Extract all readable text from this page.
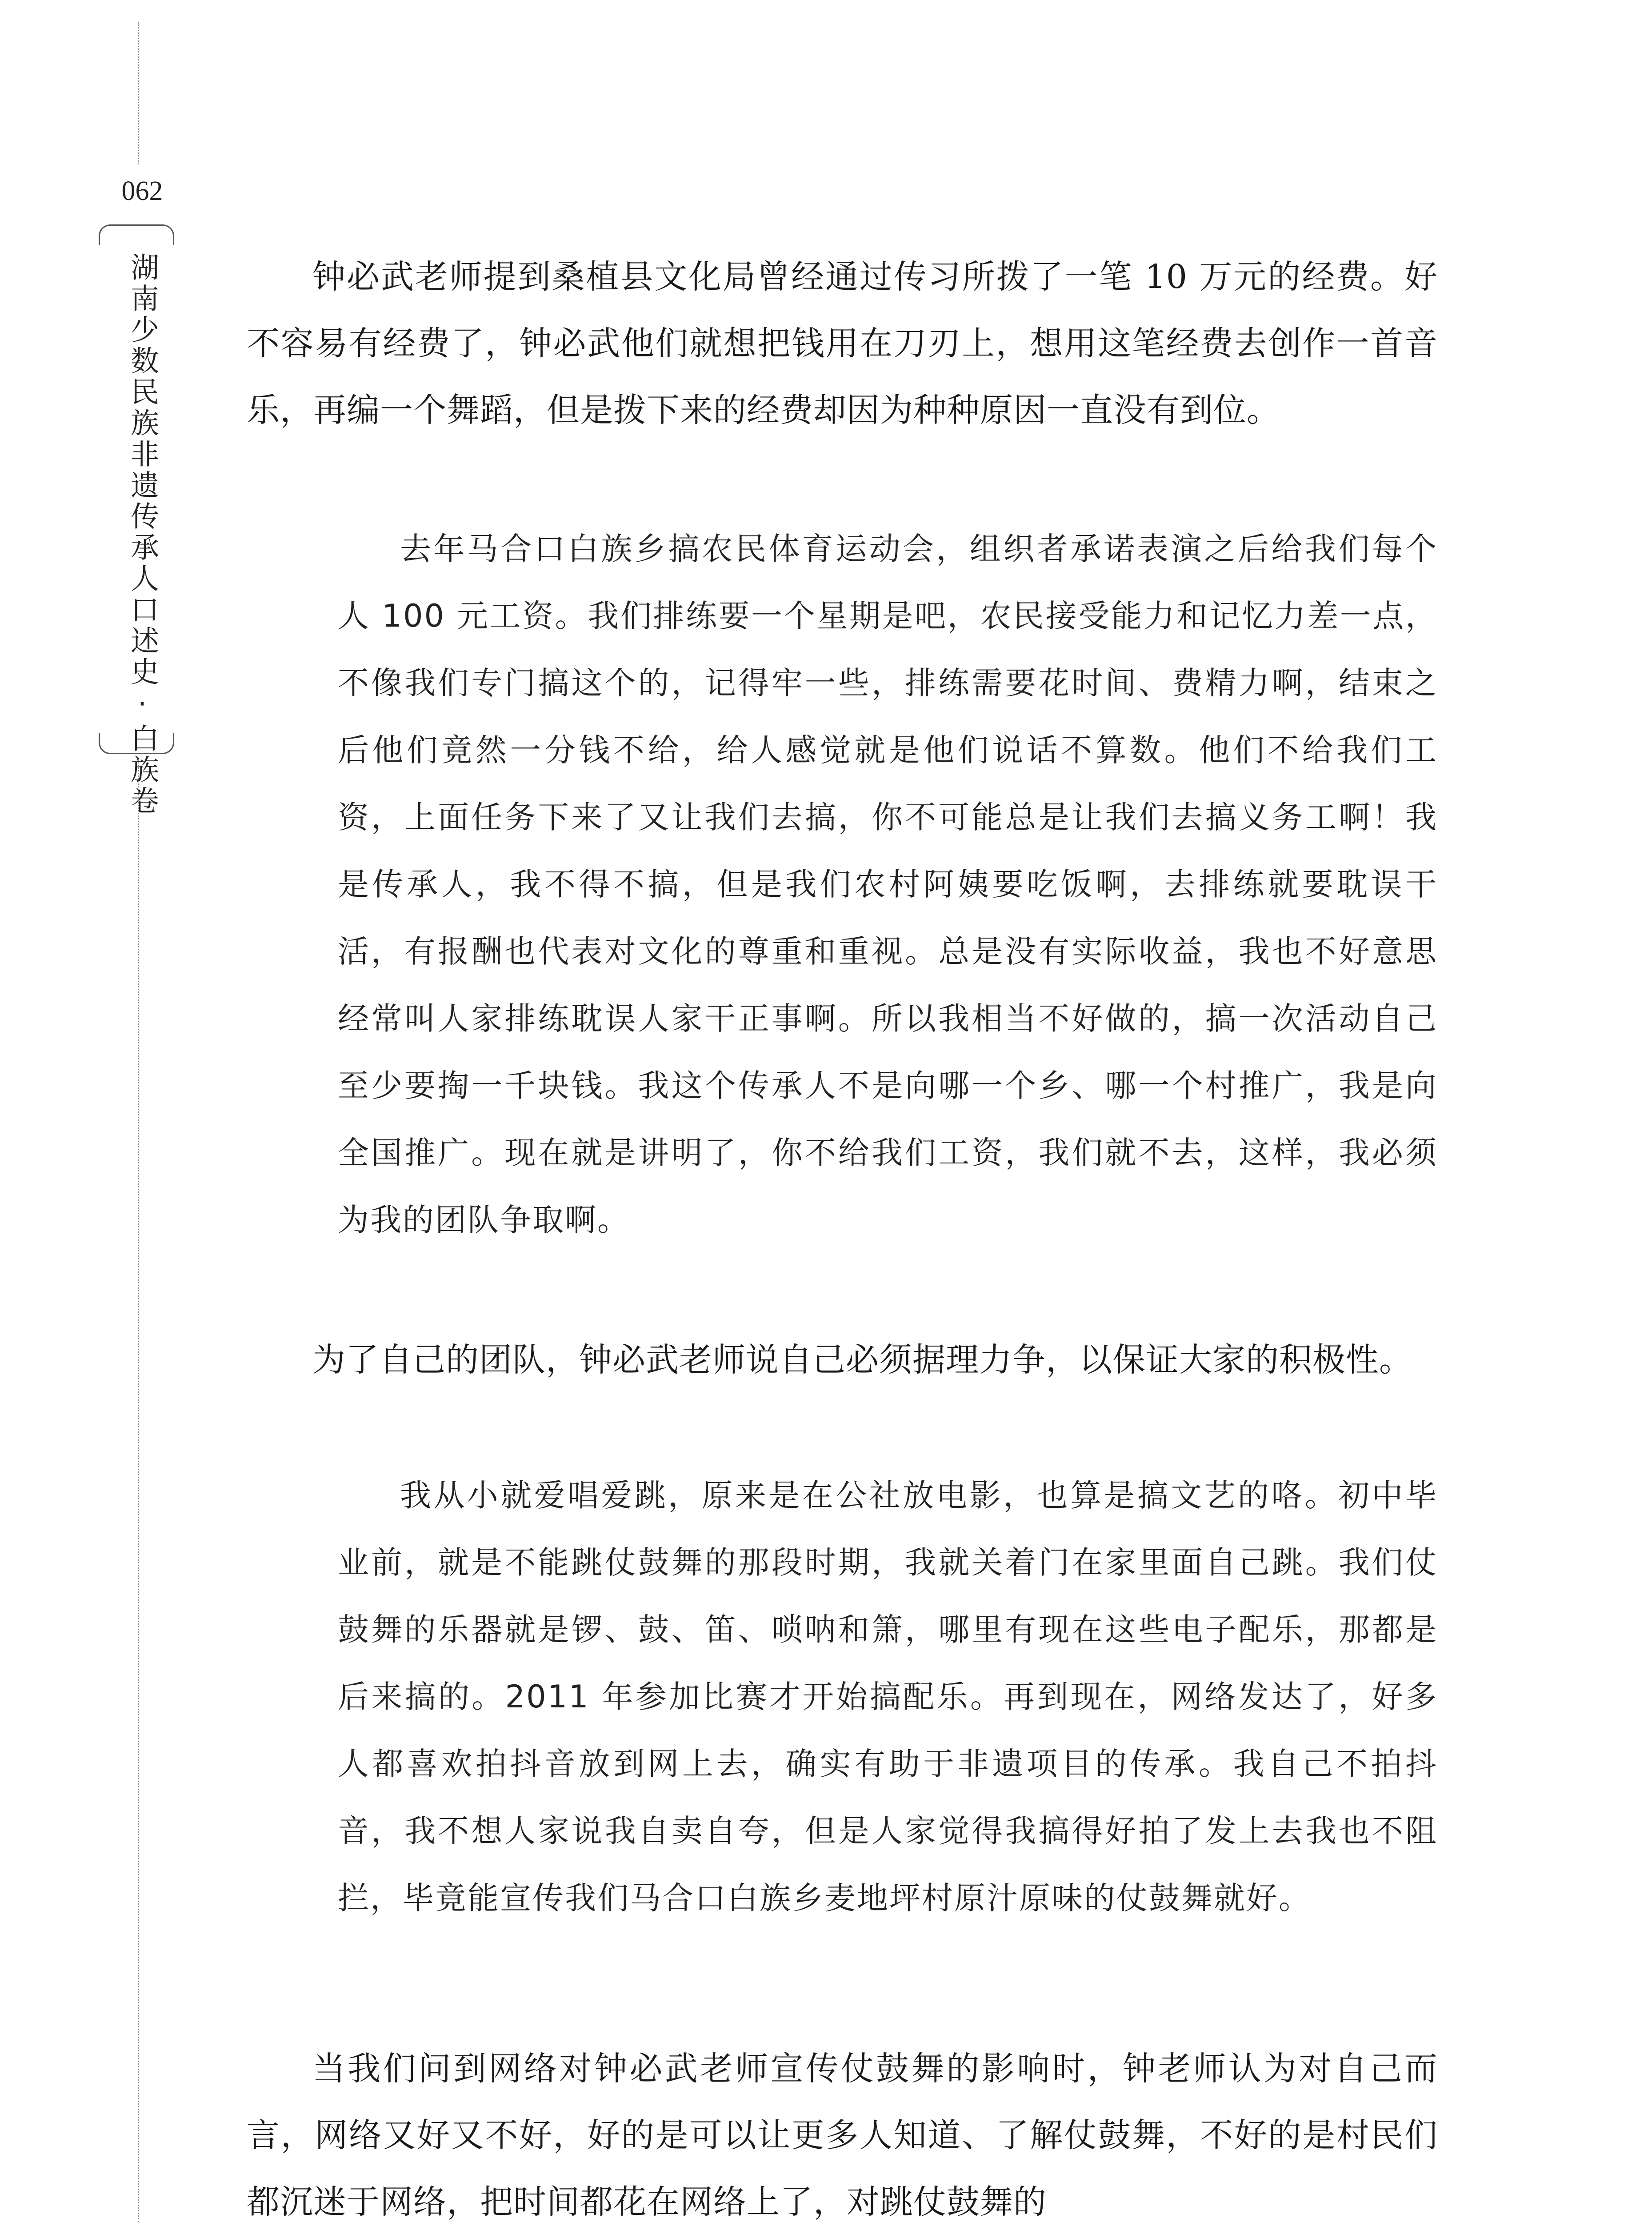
062
湖南少数民族非遗传承人口述史·白族卷	钟必武老师提到桑植县文化局曾经通过传习所拨了一笔 10 万元的经费。好不容易有经费了，钟必武他们就想把钱用在刀刃上，想用这笔经费去创作一首音乐，再编一个舞蹈，但是拨下来的经费却因为种种原因一直没有到位。

去年马合口白族乡搞农民体育运动会，组织者承诺表演之后给我们每个人 100 元工资。我们排练要一个星期是吧，农民接受能力和记忆力差一点，不像我们专门搞这个的，记得牢一些，排练需要花时间、费精力啊，结束之后他们竟然一分钱不给，给人感觉就是他们说话不算数。他们不给我们工资，上面任务下来了又让我们去搞，你不可能总是让我们去搞义务工啊！我是传承人，我不得不搞，但是我们农村阿姨要吃饭啊，去排练就要耽误干活，有报酬也代表对文化的尊重和重视。总是没有实际收益，我也不好意思经常叫人家排练耽误人家干正事啊。所以我相当不好做的，搞一次活动自己至少要掏一千块钱。我这个传承人不是向哪一个乡、哪一个村推广，我是向全国推广。现在就是讲明了，你不给我们工资，我们就不去，这样，我必须为我的团队争取啊。

为了自己的团队，钟必武老师说自己必须据理力争，以保证大家的积极性。

我从小就爱唱爱跳，原来是在公社放电影，也算是搞文艺的咯。初中毕业前，就是不能跳仗鼓舞的那段时期，我就关着门在家里面自己跳。我们仗鼓舞的乐器就是锣、鼓、笛、唢呐和箫，哪里有现在这些电子配乐，那都是后来搞的。2011 年参加比赛才开始搞配乐。再到现在，网络发达了，好多人都喜欢拍抖音放到网上去，确实有助于非遗项目的传承。我自己不拍抖音，我不想人家说我自卖自夸，但是人家觉得我搞得好拍了发上去我也不阻拦，毕竟能宣传我们马合口白族乡麦地坪村原汁原味的仗鼓舞就好。

当我们问到网络对钟必武老师宣传仗鼓舞的影响时，钟老师认为对自己而言，网络又好又不好，好的是可以让更多人知道、了解仗鼓舞，不好的是村民们都沉迷于网络，把时间都花在网络上了，对跳仗鼓舞的
